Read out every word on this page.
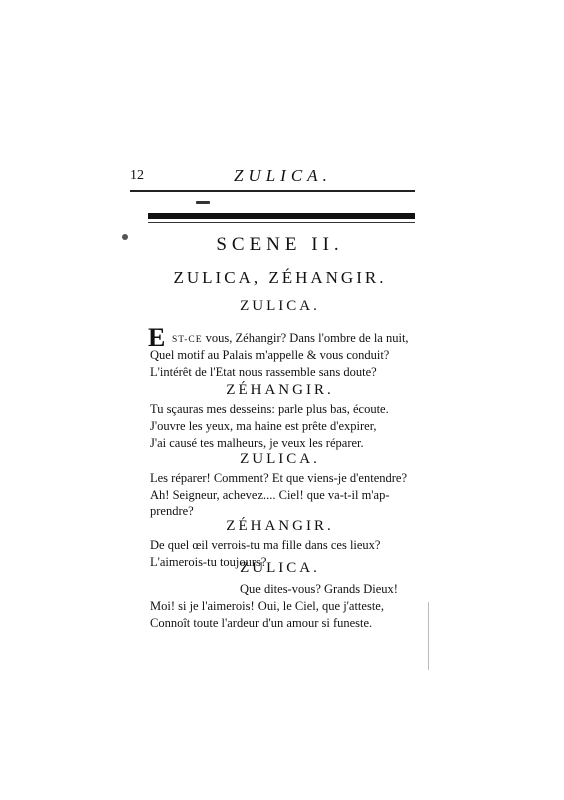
12	ZULICA.
SCENE II.
ZULICA, ZÉHANGIR.
ZULICA.
E ST-CE vous, Zéhangir? Dans l'ombre de la nuit,
Quel motif au Palais m'appelle & vous conduit?
L'intérêt de l'Etat nous rassemble sans doute?
ZÉHANGIR.
Tu sçauras mes desseins: parle plus bas, écoute.
J'ouvre les yeux, ma haine est prête d'expirer,
J'ai causé tes malheurs, je veux les réparer.
ZULICA.
Les réparer! Comment? Et que viens-je d'entendre?
Ah! Seigneur, achevez.... Ciel! que va-t-il m'ap-
prendre?
ZÉHANGIR.
De quel œil verrois-tu ma fille dans ces lieux?
L'aimerois-tu toujours?
ZULICA.
Que dites-vous? Grands Dieux!
Moi! si je l'aimerois! Oui, le Ciel, que j'atteste,
Connoît toute l'ardeur d'un amour si funeste.
